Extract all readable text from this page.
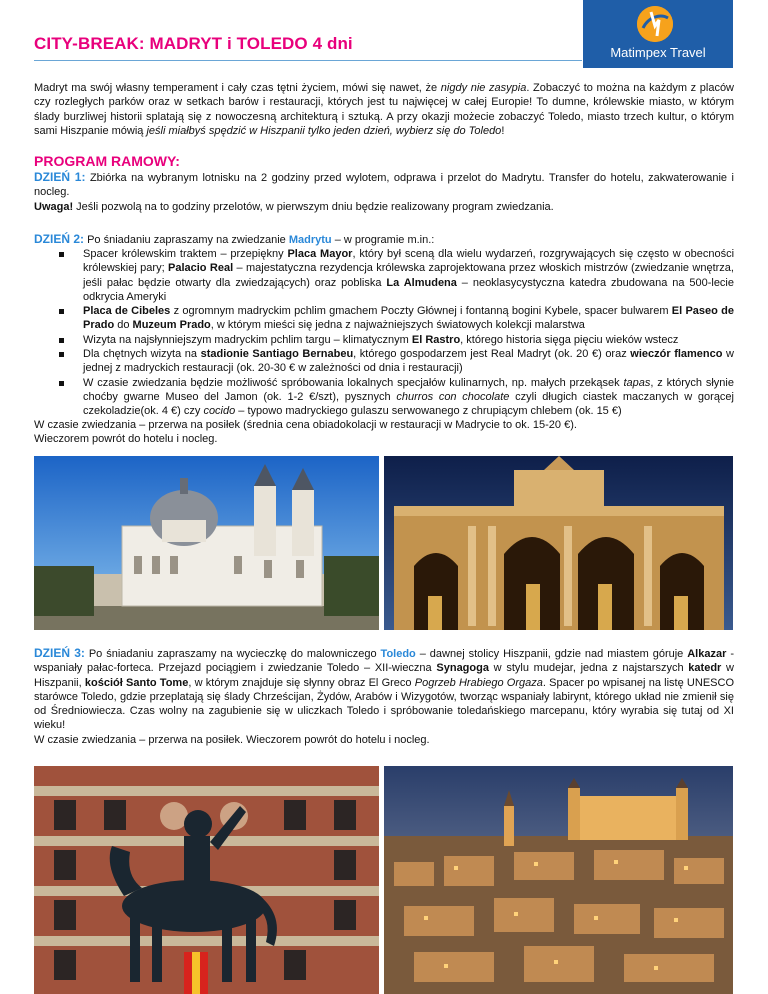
CITY-BREAK: MADRYT i TOLEDO 4 dni	Matimpex Travel
Madryt ma swój własny temperament i cały czas tętni życiem, mówi się nawet, że nigdy nie zasypia. Zobaczyć to można na każdym z placów czy rozległych parków oraz w setkach barów i restauracji, których jest tu najwięcej w całej Europie! To dumne, królewskie miasto, w którym ślady burzliwej historii splatają się z nowoczesną architekturą i sztuką. A przy okazji możecie zobaczyć Toledo, miasto trzech kultur, o którym sami Hiszpanie mówią jeśli miałbyś spędzić w Hiszpanii tylko jeden dzień, wybierz się do Toledo!
PROGRAM RAMOWY:
DZIEŃ 1: Zbiórka na wybranym lotnisku na 2 godziny przed wylotem, odprawa i przelot do Madrytu. Transfer do hotelu, zakwaterowanie i nocleg.
Uwaga! Jeśli pozwolą na to godziny przelotów, w pierwszym dniu będzie realizowany program zwiedzania.
DZIEŃ 2: Po śniadaniu zapraszamy na zwiedzanie Madrytu – w programie m.in.:
Spacer królewskim traktem – przepiękny Placa Mayor, który był sceną dla wielu wydarzeń, rozgrywających się często w obecności królewskiej pary; Palacio Real – majestatyczna rezydencja królewska zaprojektowana przez włoskich mistrzów (zwiedzanie wnętrza, jeśli pałac będzie otwarty dla zwiedzających) oraz pobliska La Almudena – neoklasycystyczna katedra zbudowana na 500-lecie odkrycia Ameryki
Placa de Cibeles z ogromnym madryckim pchlim gmachem Poczty Głównej i fontanną bogini Kybele, spacer bulwarem El Paseo de Prado do Muzeum Prado, w którym mieści się jedna z najważniejszych światowych kolekcji malarstwa
Wizyta na najsłynniejszym madryckim pchlim targu – klimatycznym El Rastro, którego historia sięga pięciu wieków wstecz
Dla chętnych wizyta na stadionie Santiago Bernabeu, którego gospodarzem jest Real Madryt (ok. 20 €) oraz wieczór flamenco w jednej z madryckich restauracji (ok. 20-30 € w zależności od dnia i restauracji)
W czasie zwiedzania będzie możliwość spróbowania lokalnych specjałów kulinarnych, np. małych przekąsek tapas, z których słynie choćby gwarne Museo del Jamon (ok. 1-2 €/szt), pysznych churros con chocolate czyli długich ciastek maczanych w gorącej czekoladzie(ok. 4 €) czy cocido – typowo madryckiego gulaszu serwowanego z chrupiącym chlebem (ok. 15 €)
W czasie zwiedzania – przerwa na posiłek (średnia cena obiadokolacji w restauracji w Madrycie to ok. 15-20 €).
Wieczorem powrót do hotelu i nocleg.
DZIEŃ 3: Po śniadaniu zapraszamy na wycieczkę do malowniczego Toledo – dawnej stolicy Hiszpanii, gdzie nad miastem góruje Alkazar - wspaniały pałac-forteca. Przejazd pociągiem i zwiedzanie Toledo – XII-wieczna Synagoga w stylu mudejar, jedna z najstarszych katedr w Hiszpanii, kościół Santo Tome, w którym znajduje się słynny obraz El Greco Pogrzeb Hrabiego Orgaza. Spacer po wpisanej na listę UNESCO starówce Toledo, gdzie przeplatają się ślady Chrześcijan, Żydów, Arabów i Wizygotów, tworząc wspaniały labirynt, którego układ nie zmienił się od Średniowiecza. Czas wolny na zagubienie się w uliczkach Toledo i spróbowanie toledańskiego marcepanu, który wyrabia się tutaj od XI wieku!
W czasie zwiedzania – przerwa na posiłek. Wieczorem powrót do hotelu i nocleg.
